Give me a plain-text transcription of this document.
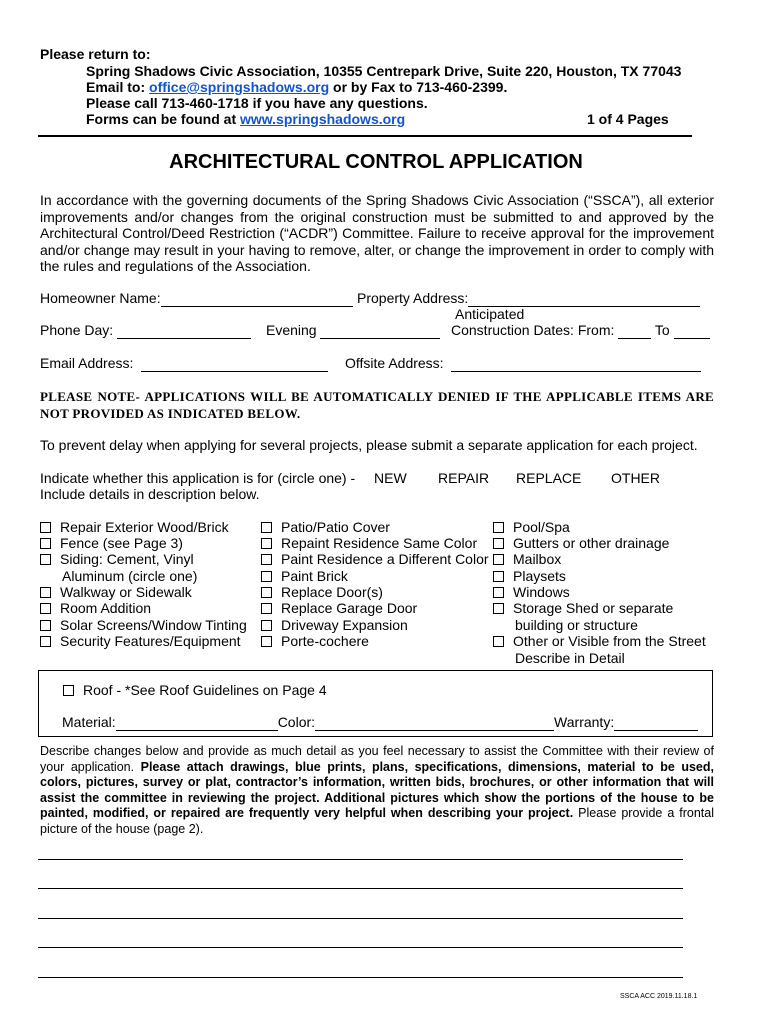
Please return to:
Spring Shadows Civic Association, 10355 Centrepark Drive, Suite 220, Houston, TX 77043
Email to: office@springshadows.org or by Fax to 713-460-2399.
Please call 713-460-1718 if you have any questions.
Forms can be found at www.springshadows.org	1 of 4 Pages
ARCHITECTURAL CONTROL APPLICATION
In accordance with the governing documents of the Spring Shadows Civic Association (“SSCA”), all exterior improvements and/or changes from the original construction must be submitted to and approved by the Architectural Control/Deed Restriction (“ACDR”) Committee. Failure to receive approval for the improvement and/or change may result in your having to remove, alter, or change the improvement in order to comply with the rules and regulations of the Association.
Homeowner Name:	Property Address:
Anticipated
Phone Day:	Evening	Construction Dates: From:	To
Email Address:	Offsite Address:
PLEASE NOTE- APPLICATIONS WILL BE AUTOMATICALLY DENIED IF THE APPLICABLE ITEMS ARE NOT PROVIDED AS INDICATED BELOW.
To prevent delay when applying for several projects, please submit a separate application for each project.
Indicate whether this application is for (circle one) - NEW REPAIR REPLACE OTHER
Include details in description below.
Repair Exterior Wood/Brick
Fence (see Page 3)
Siding: Cement, Vinyl
Aluminum (circle one)
Walkway or Sidewalk
Room Addition
Solar Screens/Window Tinting
Security Features/Equipment
Patio/Patio Cover
Repaint Residence Same Color
Paint Residence a Different Color
Paint Brick
Replace Door(s)
Replace Garage Door
Driveway Expansion
Porte-cochere
Pool/Spa
Gutters or other drainage
Mailbox
Playsets
Windows
Storage Shed or separate
building or structure
Other or Visible from the Street
Describe in Detail
Roof - *See Roof Guidelines on Page 4
Material:	Color:	Warranty:
Describe changes below and provide as much detail as you feel necessary to assist the Committee with their review of your application. Please attach drawings, blue prints, plans, specifications, dimensions, material to be used, colors, pictures, survey or plat, contractor’s information, written bids, brochures, or other information that will assist the committee in reviewing the project. Additional pictures which show the portions of the house to be painted, modified, or repaired are frequently very helpful when describing your project. Please provide a frontal picture of the house (page 2).
SSCA ACC 2019.11.18.1
